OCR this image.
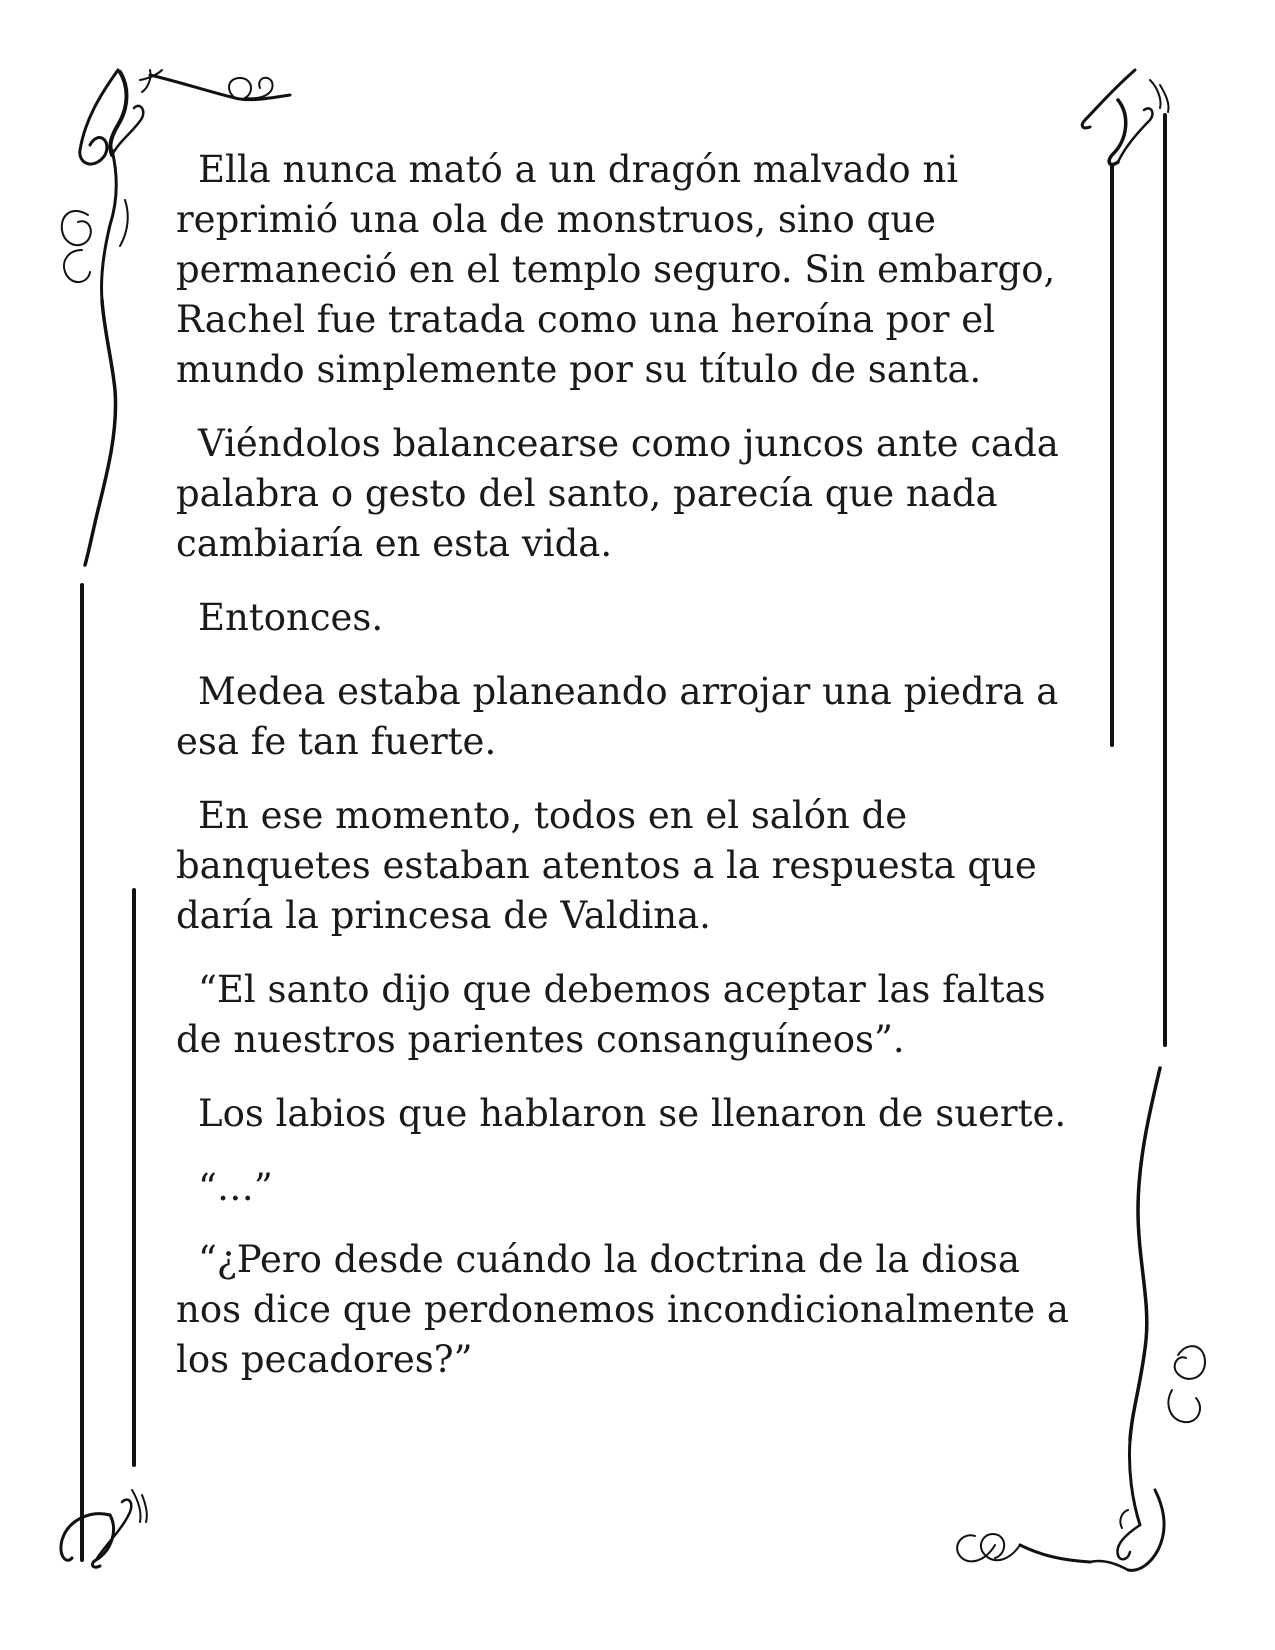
Ella nunca mató a un dragón malvado ni reprimió una ola de monstruos, sino que permaneció en el templo seguro. Sin embargo, Rachel fue tratada como una heroína por el mundo simplemente por su título de santa.

Viéndolos balancearse como juncos ante cada palabra o gesto del santo, parecía que nada cambiaría en esta vida.

Entonces.

Medea estaba planeando arrojar una piedra a esa fe tan fuerte.

En ese momento, todos en el salón de banquetes estaban atentos a la respuesta que daría la princesa de Valdina.

“El santo dijo que debemos aceptar las faltas de nuestros parientes consanguíneos”.

Los labios que hablaron se llenaron de suerte.

“…”

“¿Pero desde cuándo la doctrina de la diosa nos dice que perdonemos incondicionalmente a los pecadores?”
